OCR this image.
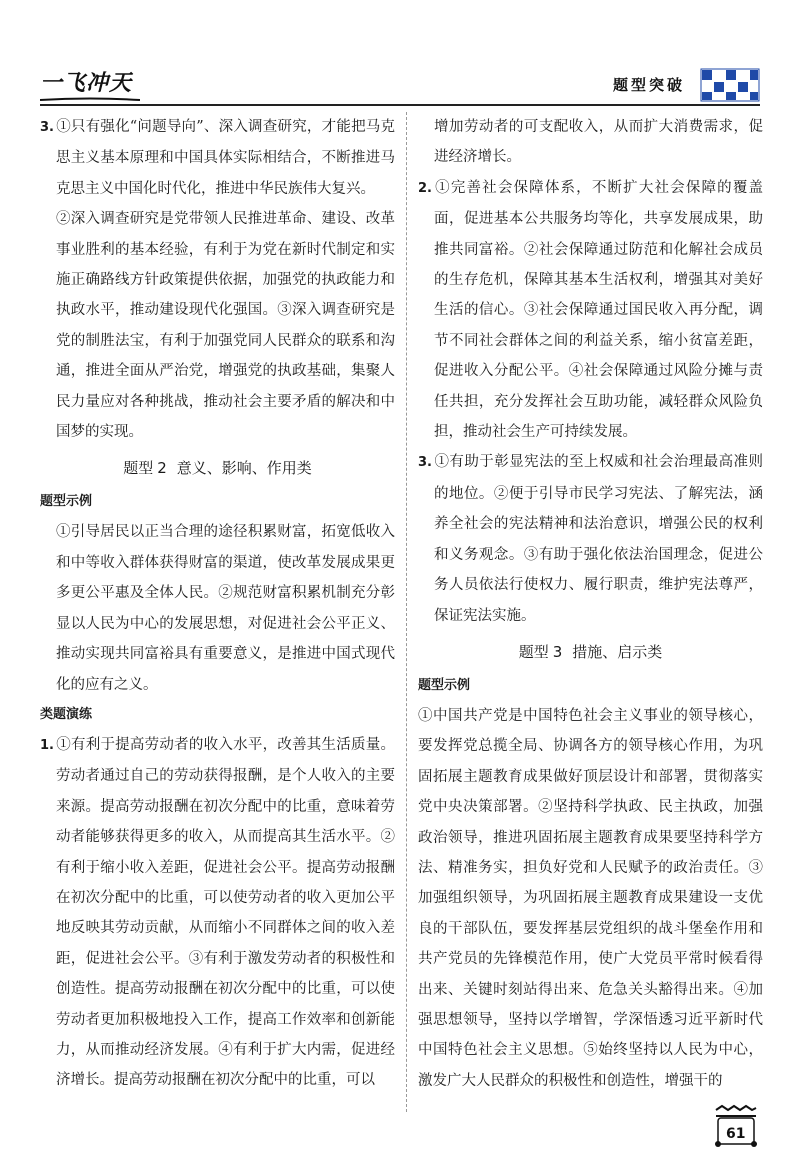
一飞冲天	题型突破

3. ①只有强化“问题导向”、深入调查研究，才能把马克思主义基本原理和中国具体实际相结合，不断推进马克思主义中国化时代化，推进中华民族伟大复兴。

②深入调查研究是党带领人民推进革命、建设、改革事业胜利的基本经验，有利于为党在新时代制定和实施正确路线方针政策提供依据，加强党的执政能力和执政水平，推动建设现代化强国。③深入调查研究是党的制胜法宝，有利于加强党同人民群众的联系和沟通，推进全面从严治党，增强党的执政基础，集聚人民力量应对各种挑战，推动社会主要矛盾的解决和中国梦的实现。

题型 2 意义、影响、作用类

题型示例

①引导居民以正当合理的途径积累财富，拓宽低收入和中等收入群体获得财富的渠道，使改革发展成果更多更公平惠及全体人民。②规范财富积累机制充分彰显以人民为中心的发展思想，对促进社会公平正义、推动实现共同富裕具有重要意义，是推进中国式现代化的应有之义。

类题演练

1. ①有利于提高劳动者的收入水平，改善其生活质量。劳动者通过自己的劳动获得报酬，是个人收入的主要来源。提高劳动报酬在初次分配中的比重，意味着劳动者能够获得更多的收入，从而提高其生活水平。②有利于缩小收入差距，促进社会公平。提高劳动报酬在初次分配中的比重，可以使劳动者的收入更加公平地反映其劳动贡献，从而缩小不同群体之间的收入差距，促进社会公平。③有利于激发劳动者的积极性和创造性。提高劳动报酬在初次分配中的比重，可以使劳动者更加积极地投入工作，提高工作效率和创新能力，从而推动经济发展。④有利于扩大内需，促进经济增长。提高劳动报酬在初次分配中的比重，可以

增加劳动者的可支配收入，从而扩大消费需求，促进经济增长。

2. ①完善社会保障体系，不断扩大社会保障的覆盖面，促进基本公共服务均等化，共享发展成果，助推共同富裕。②社会保障通过防范和化解社会成员的生存危机，保障其基本生活权利，增强其对美好生活的信心。③社会保障通过国民收入再分配，调节不同社会群体之间的利益关系，缩小贫富差距，促进收入分配公平。④社会保障通过风险分摊与责任共担，充分发挥社会互助功能，减轻群众风险负担，推动社会生产可持续发展。

3. ①有助于彰显宪法的至上权威和社会治理最高准则的地位。②便于引导市民学习宪法、了解宪法，涵养全社会的宪法精神和法治意识，增强公民的权利和义务观念。③有助于强化依法治国理念，促进公务人员依法行使权力、履行职责，维护宪法尊严，保证宪法实施。

题型 3 措施、启示类

题型示例

①中国共产党是中国特色社会主义事业的领导核心，要发挥党总揽全局、协调各方的领导核心作用，为巩固拓展主题教育成果做好顶层设计和部署，贯彻落实党中央决策部署。②坚持科学执政、民主执政，加强政治领导，推进巩固拓展主题教育成果要坚持科学方法、精准务实，担负好党和人民赋予的政治责任。③加强组织领导，为巩固拓展主题教育成果建设一支优良的干部队伍，要发挥基层党组织的战斗堡垒作用和共产党员的先锋模范作用，使广大党员平常时候看得出来、关键时刻站得出来、危急关头豁得出来。④加强思想领导，坚持以学增智，学深悟透习近平新时代中国特色社会主义思想。⑤始终坚持以人民为中心，激发广大人民群众的积极性和创造性，增强干的

61
